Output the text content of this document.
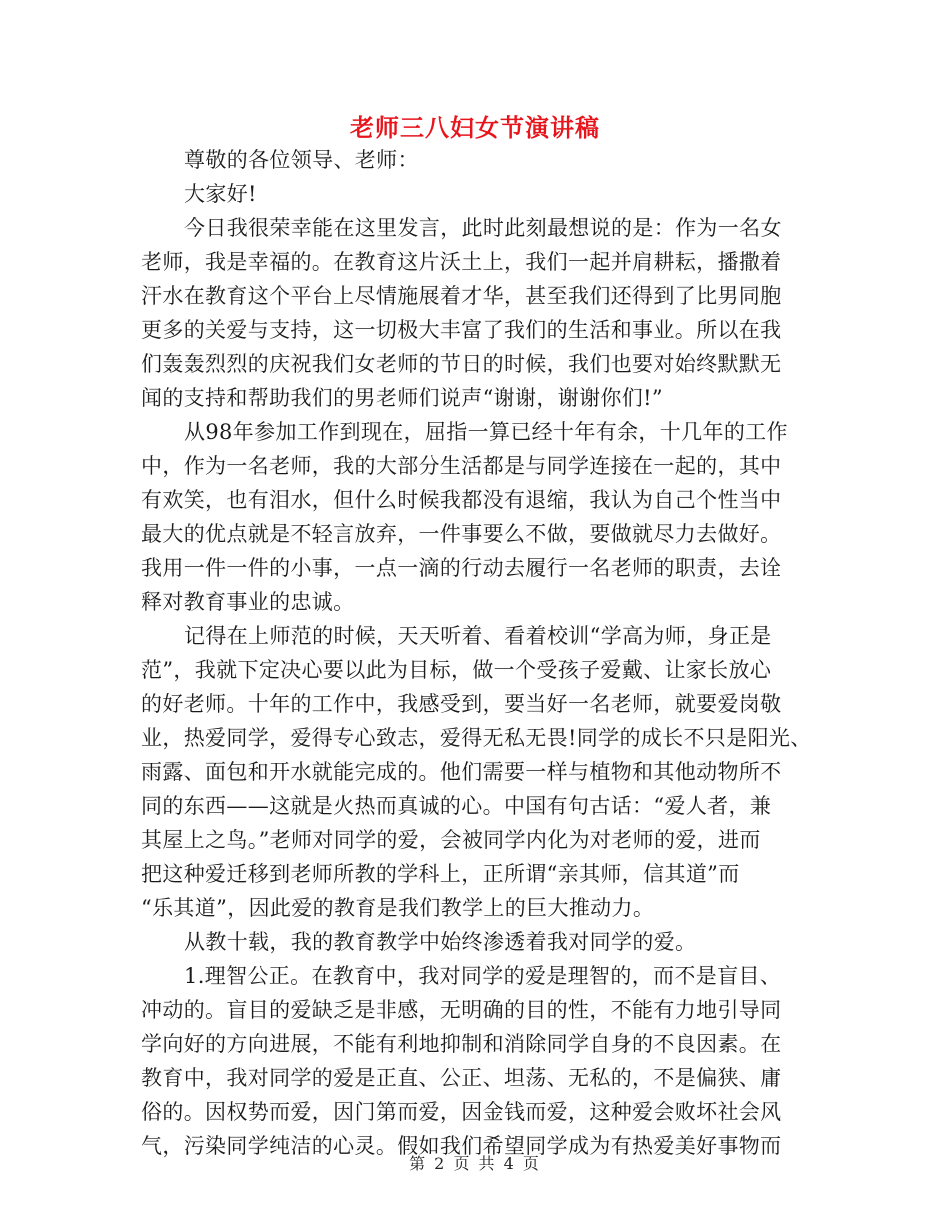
老师三八妇女节演讲稿
尊敬的各位领导、老师：
大家好!
今日我很荣幸能在这里发言，此时此刻最想说的是：作为一名女
老师，我是幸福的。在教育这片沃土上，我们一起并肩耕耘，播撒着
汗水在教育这个平台上尽情施展着才华，甚至我们还得到了比男同胞
更多的关爱与支持，这一切极大丰富了我们的生活和事业。所以在我
们轰轰烈烈的庆祝我们女老师的节日的时候，我们也要对始终默默无
闻的支持和帮助我们的男老师们说声“谢谢，谢谢你们!”
从98年参加工作到现在，屈指一算已经十年有余，十几年的工作
中，作为一名老师，我的大部分生活都是与同学连接在一起的，其中
有欢笑，也有泪水，但什么时候我都没有退缩，我认为自己个性当中
最大的优点就是不轻言放弃，一件事要么不做，要做就尽力去做好。
我用一件一件的小事，一点一滴的行动去履行一名老师的职责，去诠
释对教育事业的忠诚。
记得在上师范的时候，天天听着、看着校训“学高为师，身正是
范”，我就下定决心要以此为目标，做一个受孩子爱戴、让家长放心
的好老师。十年的工作中，我感受到，要当好一名老师，就要爱岗敬
业，热爱同学，爱得专心致志，爱得无私无畏!同学的成长不只是阳光、
雨露、面包和开水就能完成的。他们需要一样与植物和其他动物所不
同的东西——这就是火热而真诚的心。中国有句古话：“爱人者，兼
其屋上之鸟。”老师对同学的爱，会被同学内化为对老师的爱，进而
把这种爱迁移到老师所教的学科上，正所谓“亲其师，信其道”而
“乐其道”，因此爱的教育是我们教学上的巨大推动力。
从教十载，我的教育教学中始终渗透着我对同学的爱。
1.理智公正。在教育中，我对同学的爱是理智的，而不是盲目、
冲动的。盲目的爱缺乏是非感，无明确的目的性，不能有力地引导同
学向好的方向进展，不能有利地抑制和消除同学自身的不良因素。在
教育中，我对同学的爱是正直、公正、坦荡、无私的，不是偏狭、庸
俗的。因权势而爱，因门第而爱，因金钱而爱，这种爱会败坏社会风
气，污染同学纯洁的心灵。假如我们希望同学成为有热爱美好事物而
第 2 页 共 4 页
